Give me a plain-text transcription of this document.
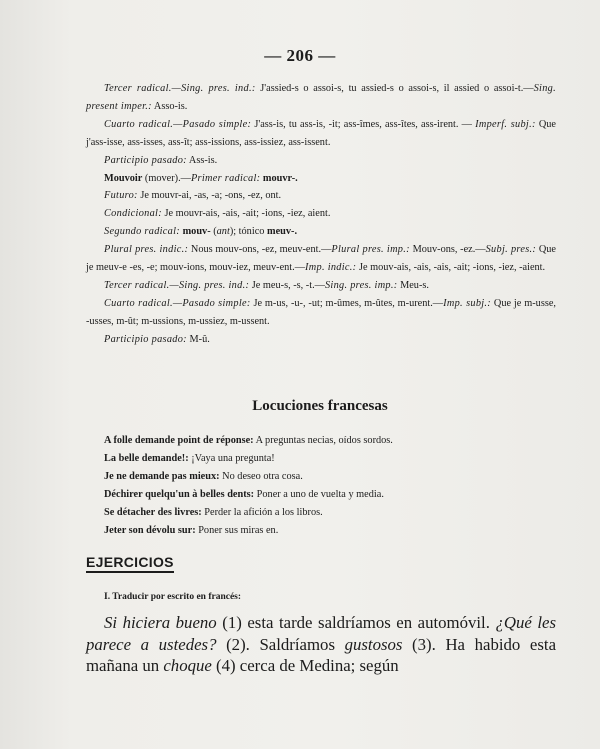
— 206 —

Tercer radical.—Sing. pres. ind.: J'assied-s o assoi-s, tu assied-s o assoi-s, il assied o assoi-t.—Sing. present imper.: Asso-is.

Cuarto radical.—Pasado simple: J'ass-is, tu ass-is, -it; ass-îmes, ass-îtes, ass-irent. — Imperf. subj.: Que j'ass-isse, ass-isses, ass-ît; ass-issions, ass-issiez, ass-issent.

Participio pasado: Ass-is.

Mouvoir (mover).—Primer radical: mouvr-.

Futuro: Je mouvr-ai, -as, -a; -ons, -ez, ont.

Condicional: Je mouvr-ais, -ais, -ait; -ions, -iez, aient.

Segundo radical: mouv- (ant); tónico meuv-.

Plural pres. indic.: Nous mouv-ons, -ez, meuv-ent.—Plural pres. imp.: Mouv-ons, -ez.—Subj. pres.: Que je meuv-e -es, -e; mouv-ions, mouv-iez, meuv-ent.—Imp. indic.: Je mouv-ais, -ais, -ais, -ait; -ions, -iez, -aient.

Tercer radical.—Sing. pres. ind.: Je meu-s, -s, -t.—Sing. pres. imp.: Meu-s.

Cuarto radical.—Pasado simple: Je m-us, -u-, -ut; m-ûmes, m-ûtes, m-urent.—Imp. subj.: Que je m-usse, -usses, m-ût; m-ussions, m-ussiez, m-ussent.

Participio pasado: M-û.

Locuciones francesas
A folle demande point de réponse: A preguntas necias, oídos sordos.
La belle demande!: ¡Vaya una pregunta!
Je ne demande pas mieux: No deseo otra cosa.
Déchirer quelqu'un à belles dents: Poner a uno de vuelta y media.
Se détacher des livres: Perder la afición a los libros.
Jeter son dévolu sur: Poner sus miras en.
EJERCICIOS
I. Traducir por escrito en francés:

Si hiciera bueno (1) esta tarde saldríamos en automóvil. ¿Qué les parece a ustedes? (2). Saldríamos gustosos (3). Ha habido esta mañana un choque (4) cerca de Medina; según
